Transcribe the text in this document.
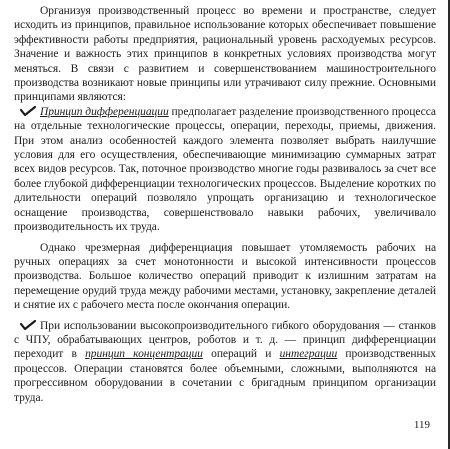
Организуя производственный процесс во времени и пространстве, следует исходить из принципов, правильное использование которых обеспечивает повышение эффективности работы предприятия, рациональный уровень расходуемых ресурсов. Значение и важность этих принципов в конкретных условиях производства могут меняться. В связи с развитием и совершенствованием машиностроительного производства возникают новые принципы или утрачивают силу прежние. Основными принципами являются:

Принцип дифференциации предполагает разделение производственного процесса на отдельные технологические процессы, операции, переходы, приемы, движения. При этом анализ особенностей каждого элемента позволяет выбрать наилучшие условия для его осуществления, обеспечивающие минимизацию суммарных затрат всех видов ресурсов. Так, поточное производство многие годы развивалось за счет все более глубокой дифференциации технологических процессов. Выделение коротких по длительности операций позволяло упрощать организацию и технологическое оснащение производства, совершенствовало навыки рабочих, увеличивало производительность их труда.

Однако чрезмерная дифференциация повышает утомляемость рабочих на ручных операциях за счет монотонности и высокой интенсивности процессов производства. Большое количество операций приводит к излишним затратам на перемещение орудий труда между рабочими местами, установку, закрепление деталей и снятие их с рабочего места после окончания операции.

При использовании высокопроизводительного гибкого оборудования — станков с ЧПУ, обрабатывающих центров, роботов и т. д. — принцип дифференциации переходит в принцип концентрации операций и интеграции производственных процессов. Операции становятся более объемными, сложными, выполняются на прогрессивном оборудовании в сочетании с бригадным принципом организации труда.

119
